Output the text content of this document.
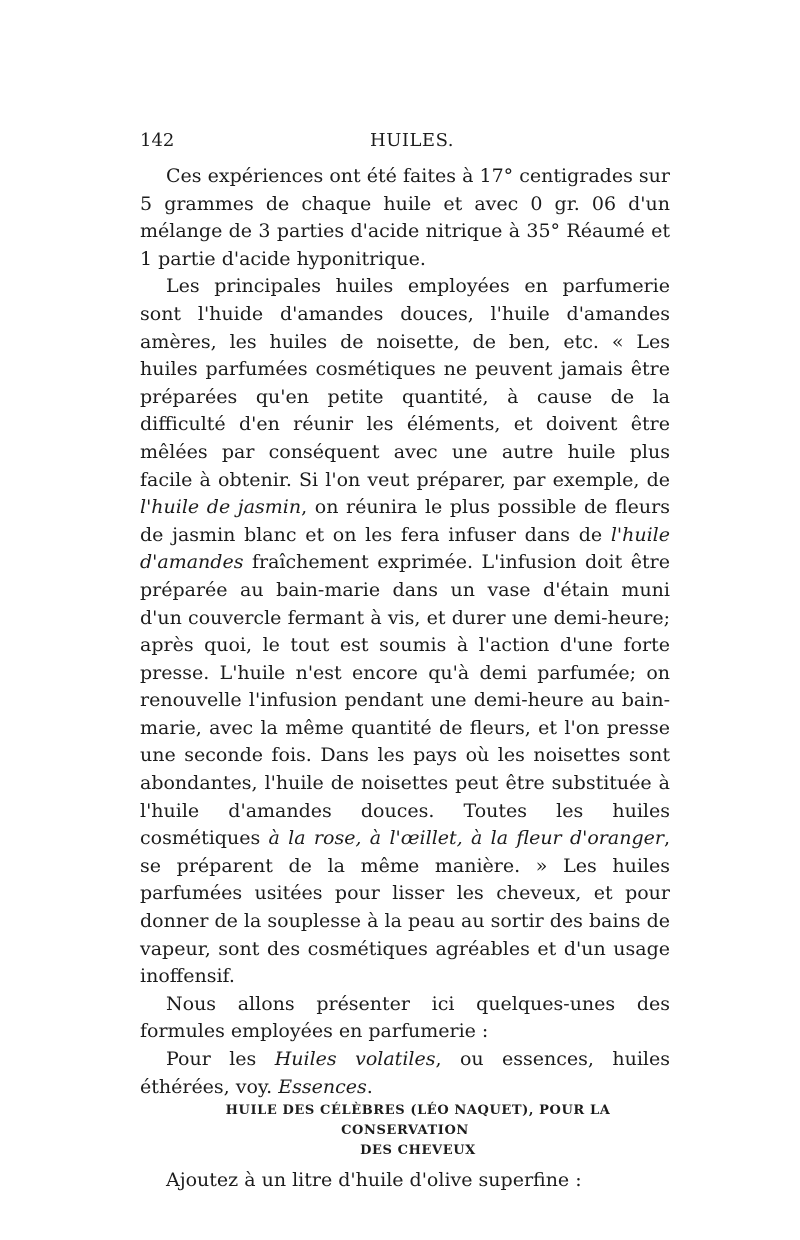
142	HUILES.

Ces expériences ont été faites à 17° centigrades sur 5 grammes de chaque huile et avec 0 gr. 06 d'un mélange de 3 parties d'acide nitrique à 35° Réaumé et 1 partie d'acide hyponitrique.

Les principales huiles employées en parfumerie sont l'huide d'amandes douces, l'huile d'amandes amères, les huiles de noisette, de ben, etc. « Les huiles parfumées cosmétiques ne peuvent jamais être préparées qu'en petite quantité, à cause de la difficulté d'en réunir les éléments, et doivent être mêlées par conséquent avec une autre huile plus facile à obtenir. Si l'on veut préparer, par exemple, de l'huile de jasmin, on réunira le plus possible de fleurs de jasmin blanc et on les fera infuser dans de l'huile d'amandes fraîchement exprimée. L'infusion doit être préparée au bain-marie dans un vase d'étain muni d'un couvercle fermant à vis, et durer une demi-heure; après quoi, le tout est soumis à l'action d'une forte presse. L'huile n'est encore qu'à demi parfumée; on renouvelle l'infusion pendant une demi-heure au bain-marie, avec la même quantité de fleurs, et l'on presse une seconde fois. Dans les pays où les noisettes sont abondantes, l'huile de noisettes peut être substituée à l'huile d'amandes douces. Toutes les huiles cosmétiques à la rose, à l'œillet, à la fleur d'oranger, se préparent de la même manière. » Les huiles parfumées usitées pour lisser les cheveux, et pour donner de la souplesse à la peau au sortir des bains de vapeur, sont des cosmétiques agréables et d'un usage inoffensif.

Nous allons présenter ici quelques-unes des formules employées en parfumerie :

Pour les Huiles volatiles, ou essences, huiles éthérées, voy. Essences.

HUILE DES CÉLÈBRES (LÉO NAQUET), POUR LA CONSERVATION
DES CHEVEUX

Ajoutez à un litre d'huile d'olive superfine :
